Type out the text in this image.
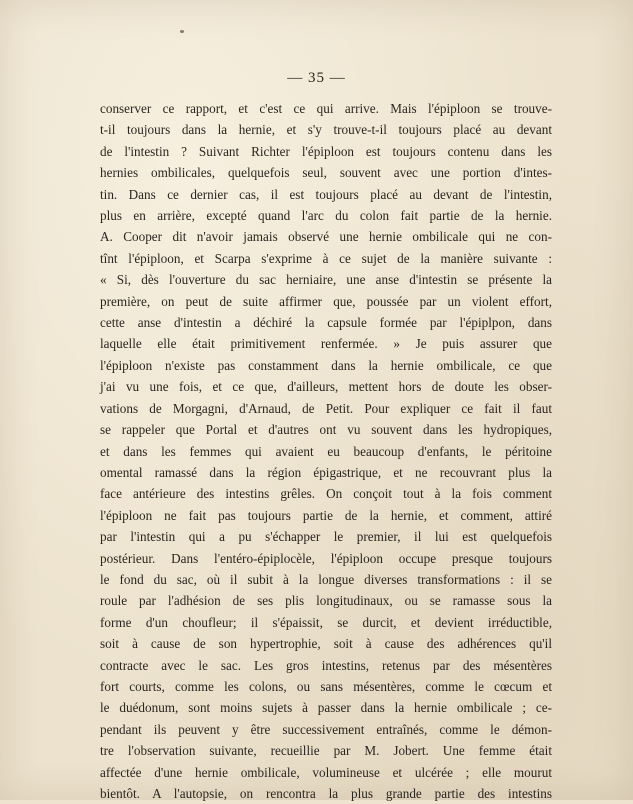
— 35 —
conserver ce rapport, et c'est ce qui arrive. Mais l'épiploon se trouve-
t-il toujours dans la hernie, et s'y trouve-t-il toujours placé au devant
de l'intestin ? Suivant Richter l'épiploon est toujours contenu dans les
hernies ombilicales, quelquefois seul, souvent avec une portion d'intes-
tin. Dans ce dernier cas, il est toujours placé au devant de l'intestin,
plus en arrière, excepté quand l'arc du colon fait partie de la hernie.
A. Cooper dit n'avoir jamais observé une hernie ombilicale qui ne con-
tînt l'épiploon, et Scarpa s'exprime à ce sujet de la manière suivante :
« Si, dès l'ouverture du sac herniaire, une anse d'intestin se présente la
première, on peut de suite affirmer que, poussée par un violent effort,
cette anse d'intestin a déchiré la capsule formée par l'épiplpon, dans
laquelle elle était primitivement renfermée. » Je puis assurer que
l'épiploon n'existe pas constamment dans la hernie ombilicale, ce que
j'ai vu une fois, et ce que, d'ailleurs, mettent hors de doute les obser-
vations de Morgagni, d'Arnaud, de Petit. Pour expliquer ce fait il faut
se rappeler que Portal et d'autres ont vu souvent dans les hydropiques,
et dans les femmes qui avaient eu beaucoup d'enfants, le péritoine
omental ramassé dans la région épigastrique, et ne recouvrant plus la
face antérieure des intestins grêles. On conçoit tout à la fois comment
l'épiploon ne fait pas toujours partie de la hernie, et comment, attiré
par l'intestin qui a pu s'échapper le premier, il lui est quelquefois
postérieur. Dans l'entéro-épiplocèle, l'épiploon occupe presque toujours
le fond du sac, où il subit à la longue diverses transformations : il se
roule par l'adhésion de ses plis longitudinaux, ou se ramasse sous la
forme d'un choufleur; il s'épaissit, se durcit, et devient irréductible,
soit à cause de son hypertrophie, soit à cause des adhérences qu'il
contracte avec le sac. Les gros intestins, retenus par des mésentères
fort courts, comme les colons, ou sans mésentères, comme le cœcum et
le duédonum, sont moins sujets à passer dans la hernie ombilicale ; ce-
pendant ils peuvent y être successivement entraînés, comme le démon-
tre l'observation suivante, recueillie par M. Jobert. Une femme était
affectée d'une hernie ombilicale, volumineuse et ulcérée ; elle mourut
bientôt. A l'autopsie, on rencontra la plus grande partie des intestins
